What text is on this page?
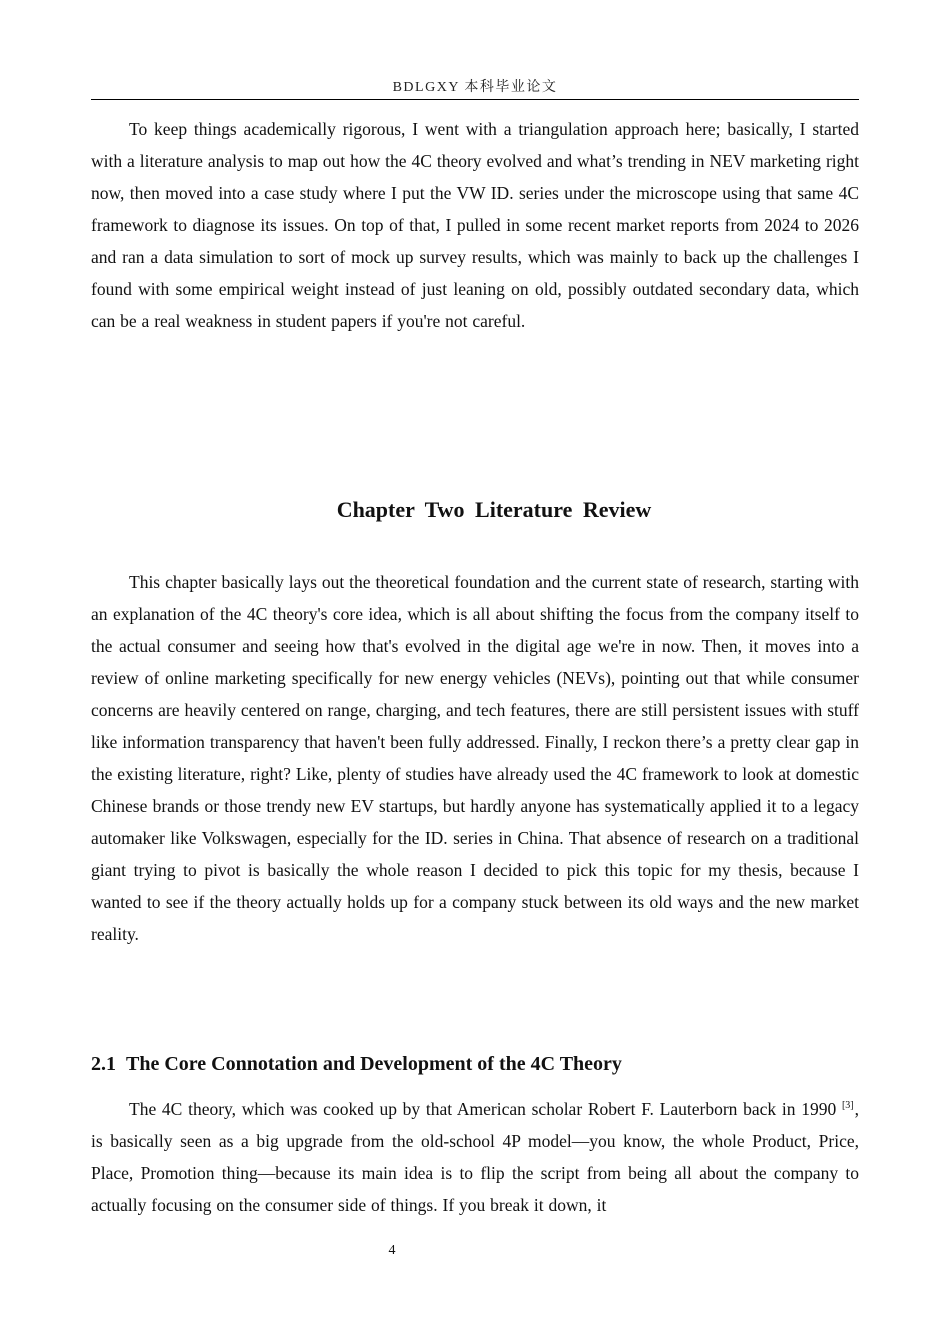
BDLGXY 本科毕业论文

To keep things academically rigorous, I went with a triangulation approach here; basically, I started with a literature analysis to map out how the 4C theory evolved and what’s trending in NEV marketing right now, then moved into a case study where I put the VW ID. series under the microscope using that same 4C framework to diagnose its issues. On top of that, I pulled in some recent market reports from 2024 to 2026 and ran a data simulation to sort of mock up survey results, which was mainly to back up the challenges I found with some empirical weight instead of just leaning on old, possibly outdated secondary data, which can be a real weakness in student papers if you're not careful.

Chapter Two Literature Review

This chapter basically lays out the theoretical foundation and the current state of research, starting with an explanation of the 4C theory's core idea, which is all about shifting the focus from the company itself to the actual consumer and seeing how that's evolved in the digital age we're in now. Then, it moves into a review of online marketing specifically for new energy vehicles (NEVs), pointing out that while consumer concerns are heavily centered on range, charging, and tech features, there are still persistent issues with stuff like information transparency that haven't been fully addressed. Finally, I reckon there’s a pretty clear gap in the existing literature, right? Like, plenty of studies have already used the 4C framework to look at domestic Chinese brands or those trendy new EV startups, but hardly anyone has systematically applied it to a legacy automaker like Volkswagen, especially for the ID. series in China. That absence of research on a traditional giant trying to pivot is basically the whole reason I decided to pick this topic for my thesis, because I wanted to see if the theory actually holds up for a company stuck between its old ways and the new market reality.

2.1 The Core Connotation and Development of the 4C Theory

The 4C theory, which was cooked up by that American scholar Robert F. Lauterborn back in 1990 [3], is basically seen as a big upgrade from the old-school 4P model—you know, the whole Product, Price, Place, Promotion thing—because its main idea is to flip the script from being all about the company to actually focusing on the consumer side of things. If you break it down, it

4
